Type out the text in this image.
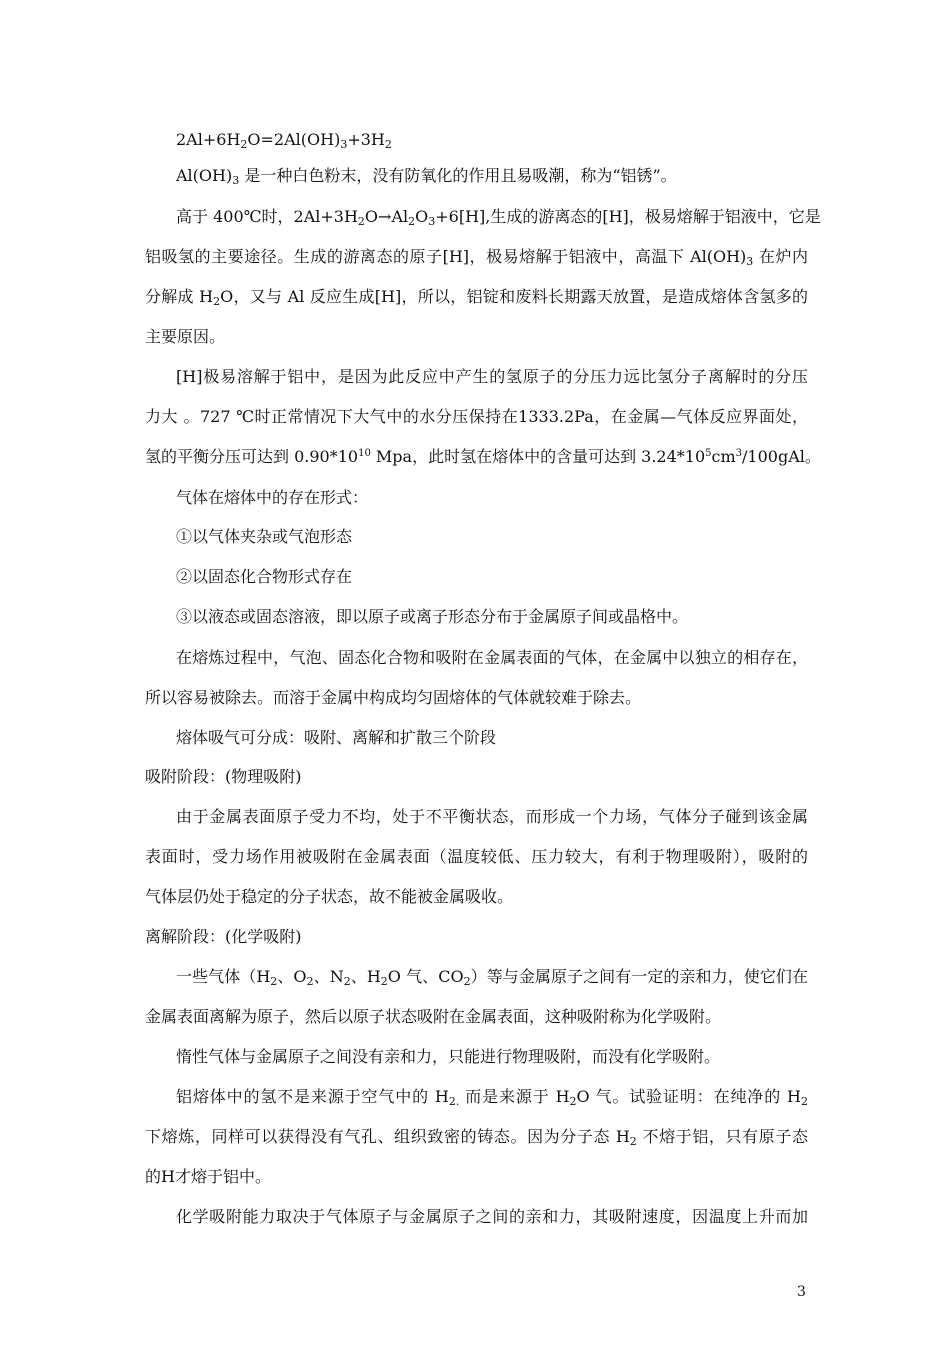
$2Al+6H_2O=2Al(OH)_3+3H_2$
$Al(OH)_3$ 是一种白色粉末，没有防氧化的作用且易吸潮，称为“铝锈”。
高于 400℃时，$2Al+3H_2O\to Al_2O_3+6[H]$,生成的游离态的[H]，极易熔解于铝液中，它是
铝吸氢的主要途径。生成的游离态的原子[H]，极易熔解于铝液中，高温下 $Al(OH)_3$ 在炉内
分解成 $H_2O$，又与 Al 反应生成[H]，所以，铝锭和废料长期露天放置，是造成熔体含氢多的
主要原因。
[H]极易溶解于铝中，是因为此反应中产生的氢原子的分压力远比氢分子离解时的分压
力大 。727 ℃时正常情况下大气中的水分压保持在1333.2Pa，在金属—气体反应界面处，
氢的平衡分压可达到 $0.90*10^{10}$ Mpa，此时氢在熔体中的含量可达到 $3.24*10^5cm^3/100gAl$。
气体在熔体中的存在形式：
①以气体夹杂或气泡形态
②以固态化合物形式存在
③以液态或固态溶液，即以原子或离子形态分布于金属原子间或晶格中。
在熔炼过程中，气泡、固态化合物和吸附在金属表面的气体，在金属中以独立的相存在，
所以容易被除去。而溶于金属中构成均匀固熔体的气体就较难于除去。
熔体吸气可分成：吸附、离解和扩散三个阶段
吸附阶段：(物理吸附)
由于金属表面原子受力不均，处于不平衡状态，而形成一个力场，气体分子碰到该金属
表面时，受力场作用被吸附在金属表面（温度较低、压力较大，有利于物理吸附），吸附的
气体层仍处于稳定的分子状态，故不能被金属吸收。
离解阶段：(化学吸附)
一些气体（$H_2$、$O_2$、$N_2$、$H_2O$ 气、$CO_2$）等与金属原子之间有一定的亲和力，使它们在
金属表面离解为原子，然后以原子状态吸附在金属表面，这种吸附称为化学吸附。
惰性气体与金属原子之间没有亲和力，只能进行物理吸附，而没有化学吸附。
铝熔体中的氢不是来源于空气中的 $H_{2.}$ 而是来源于 $H_2O$ 气。试验证明：在纯净的 $H_2$
下熔炼，同样可以获得没有气孔、组织致密的铸态。因为分子态 $H_2$ 不熔于铝，只有原子态
的H才熔于铝中。
化学吸附能力取决于气体原子与金属原子之间的亲和力，其吸附速度，因温度上升而加
3
